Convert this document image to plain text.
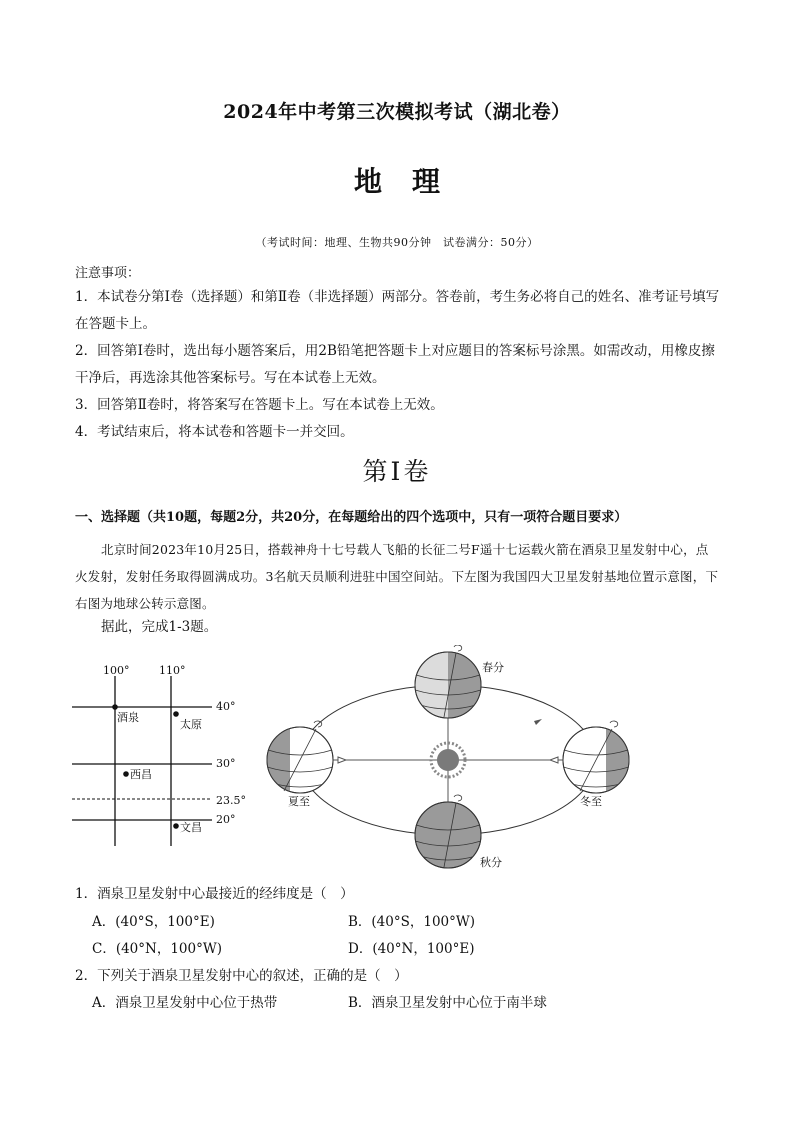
2024年中考第三次模拟考试（湖北卷）
地理
（考试时间：地理、生物共90分钟　试卷满分：50分）
注意事项：
1．本试卷分第Ⅰ卷（选择题）和第Ⅱ卷（非选择题）两部分。答卷前，考生务必将自己的姓名、准考证号填写在答题卡上。
2．回答第Ⅰ卷时，选出每小题答案后，用2B铅笔把答题卡上对应题目的答案标号涂黑。如需改动，用橡皮擦干净后，再选涂其他答案标号。写在本试卷上无效。
3．回答第Ⅱ卷时，将答案写在答题卡上。写在本试卷上无效。
4．考试结束后，将本试卷和答题卡一并交回。
第Ⅰ卷
一、选择题（共10题，每题2分，共20分，在每题给出的四个选项中，只有一项符合题目要求）
北京时间2023年10月25日，搭载神舟十七号载人飞船的长征二号F遥十七运载火箭在酒泉卫星发射中心，点火发射，发射任务取得圆满成功。3名航天员顺利进驻中国空间站。下左图为我国四大卫星发射基地位置示意图，下右图为地球公转示意图。
据此，完成1-3题。
100°	110°
40°
30°
23.5°
20°
酒泉
太原
西昌
文昌
春分
夏至
秋分
冬至
1．酒泉卫星发射中心最接近的经纬度是（　）
A．(40°S，100°E)	B．(40°S，100°W)
C．(40°N，100°W)	D．(40°N，100°E)
2．下列关于酒泉卫星发射中心的叙述，正确的是（　）
A．酒泉卫星发射中心位于热带	B．酒泉卫星发射中心位于南半球
